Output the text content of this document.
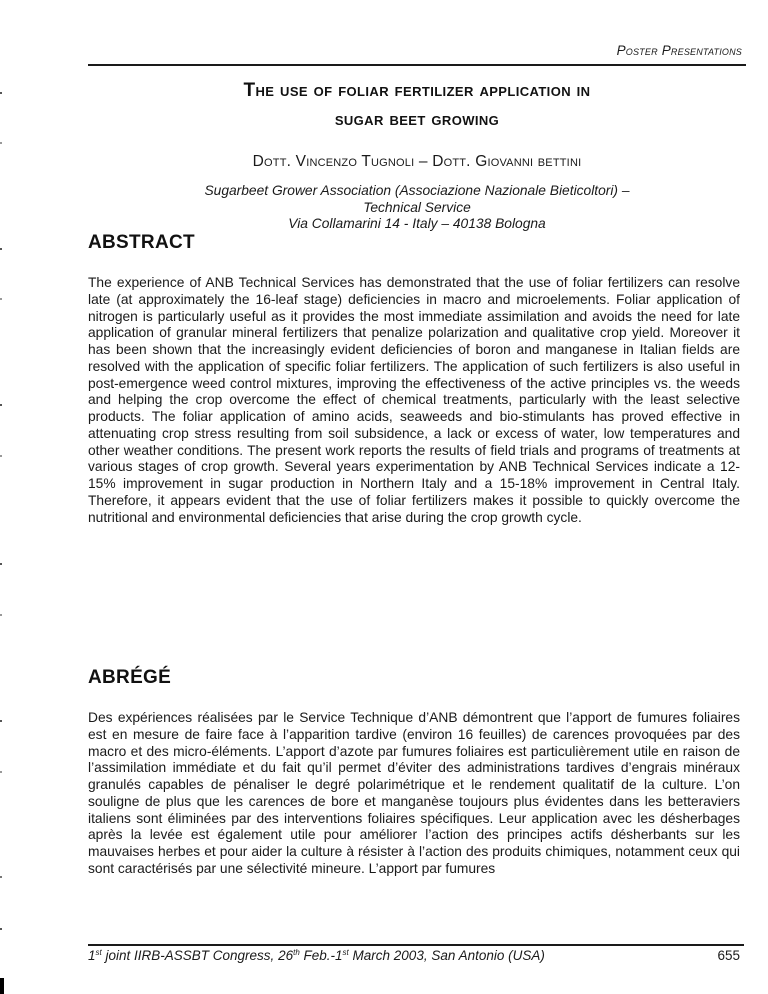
Poster Presentations
The use of foliar fertilizer application in
sugar beet growing
Dott. Vincenzo Tugnoli – Dott. Giovanni bettini
Sugarbeet Grower Association (Associazione Nazionale Bieticoltori) –
Technical Service
Via Collamarini 14 - Italy – 40138 Bologna
ABSTRACT

The experience of ANB Technical Services has demonstrated that the use of foliar fertilizers can resolve late (at approximately the 16-leaf stage) deficiencies in macro and microelements. Foliar application of nitrogen is particularly useful as it provides the most immediate assimilation and avoids the need for late application of granular mineral fertilizers that penalize polarization and qualitative crop yield. Moreover it has been shown that the increasingly evident deficiencies of boron and manganese in Italian fields are resolved with the application of specific foliar fertilizers. The application of such fertilizers is also useful in post-emergence weed control mixtures, improving the effectiveness of the active principles vs. the weeds and helping the crop overcome the effect of chemical treatments, particularly with the least selective products. The foliar application of amino acids, seaweeds and bio-stimulants has proved effective in attenuating crop stress resulting from soil subsidence, a lack or excess of water, low temperatures and other weather conditions. The present work reports the results of field trials and programs of treatments at various stages of crop growth. Several years experimentation by ANB Technical Services indicate a 12-15% improvement in sugar production in Northern Italy and a 15-18% improvement in Central Italy. Therefore, it appears evident that the use of foliar fertilizers makes it possible to quickly overcome the nutritional and environmental deficiencies that arise during the crop growth cycle.

ABRÉGÉ

Des expériences réalisées par le Service Technique d’ANB démontrent que l’apport de fumures foliaires est en mesure de faire face à l’apparition tardive (environ 16 feuilles) de carences provoquées par des macro et des micro-éléments. L’apport d’azote par fumures foliaires est particulièrement utile en raison de l’assimilation immédiate et du fait qu’il permet d’éviter des administrations tardives d’engrais minéraux granulés capables de pénaliser le degré polarimétrique et le rendement qualitatif de la culture. L’on souligne de plus que les carences de bore et manganèse toujours plus évidentes dans les betteraviers italiens sont éliminées par des interventions foliaires spécifiques. Leur application avec les désherbages après la levée est également utile pour améliorer l’action des principes actifs désherbants sur les mauvaises herbes et pour aider la culture à résister à l’action des produits chimiques, notamment ceux qui sont caractérisés par une sélectivité mineure. L’apport par fumures

1st joint IIRB-ASSBT Congress, 26th Feb.-1st March 2003, San Antonio (USA)	655
